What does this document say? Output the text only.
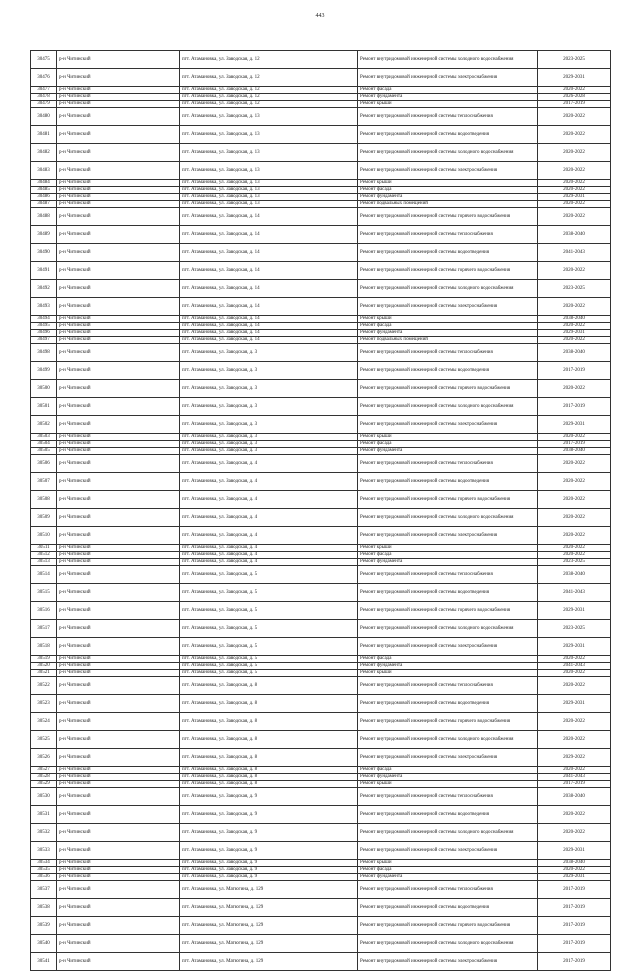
443
30475	р-н Читинский	пгт. Атамановка, ул. Заводская, д. 12	Ремонт внутридомовой инженерной системы холодного водоснабжения	2023-2025
30476	р-н Читинский	пгт. Атамановка, ул. Заводская, д. 12	Ремонт внутридомовой инженерной системы электроснабжения	2029-2031
30477	р-н Читинский	пгт. Атамановка, ул. Заводская, д. 12	Ремонт фасада	2020-2022
30478	р-н Читинский	пгт. Атамановка, ул. Заводская, д. 12	Ремонт фундамента	2026-2028
30479	р-н Читинский	пгт. Атамановка, ул. Заводская, д. 12	Ремонт крыши	2017-2019
30480	р-н Читинский	пгт. Атамановка, ул. Заводская, д. 13	Ремонт внутридомовой инженерной системы теплоснабжения	2020-2022
30481	р-н Читинский	пгт. Атамановка, ул. Заводская, д. 13	Ремонт внутридомовой инженерной системы водоотведения	2020-2022
30482	р-н Читинский	пгт. Атамановка, ул. Заводская, д. 13	Ремонт внутридомовой инженерной системы холодного водоснабжения	2020-2022
30483	р-н Читинский	пгт. Атамановка, ул. Заводская, д. 13	Ремонт внутридомовой инженерной системы электроснабжения	2020-2022
30484	р-н Читинский	пгт. Атамановка, ул. Заводская, д. 13	Ремонт крыши	2020-2022
30485	р-н Читинский	пгт. Атамановка, ул. Заводская, д. 13	Ремонт фасада	2020-2022
30486	р-н Читинский	пгт. Атамановка, ул. Заводская, д. 13	Ремонт фундамента	2029-2031
30487	р-н Читинский	пгт. Атамановка, ул. Заводская, д. 13	Ремонт подвальных помещений	2020-2022
30488	р-н Читинский	пгт. Атамановка, ул. Заводская, д. 14	Ремонт внутридомовой инженерной системы горячего водоснабжения	2020-2022
30489	р-н Читинский	пгт. Атамановка, ул. Заводская, д. 14	Ремонт внутридомовой инженерной системы теплоснабжения	2038-2040
30490	р-н Читинский	пгт. Атамановка, ул. Заводская, д. 14	Ремонт внутридомовой инженерной системы водоотведения	2041-2043
30491	р-н Читинский	пгт. Атамановка, ул. Заводская, д. 14	Ремонт внутридомовой инженерной системы горячего водоснабжения	2020-2022
30492	р-н Читинский	пгт. Атамановка, ул. Заводская, д. 14	Ремонт внутридомовой инженерной системы холодного водоснабжения	2023-2025
30493	р-н Читинский	пгт. Атамановка, ул. Заводская, д. 14	Ремонт внутридомовой инженерной системы электроснабжения	2020-2022
30494	р-н Читинский	пгт. Атамановка, ул. Заводская, д. 14	Ремонт крыши	2038-2040
30495	р-н Читинский	пгт. Атамановка, ул. Заводская, д. 14	Ремонт фасада	2020-2022
30496	р-н Читинский	пгт. Атамановка, ул. Заводская, д. 14	Ремонт фундамента	2029-2031
30497	р-н Читинский	пгт. Атамановка, ул. Заводская, д. 14	Ремонт подвальных помещений	2020-2022
30498	р-н Читинский	пгт. Атамановка, ул. Заводская, д. 3	Ремонт внутридомовой инженерной системы теплоснабжения	2038-2040
30499	р-н Читинский	пгт. Атамановка, ул. Заводская, д. 3	Ремонт внутридомовой инженерной системы водоотведения	2017-2019
30500	р-н Читинский	пгт. Атамановка, ул. Заводская, д. 3	Ремонт внутридомовой инженерной системы горячего водоснабжения	2020-2022
30501	р-н Читинский	пгт. Атамановка, ул. Заводская, д. 3	Ремонт внутридомовой инженерной системы холодного водоснабжения	2017-2019
30502	р-н Читинский	пгт. Атамановка, ул. Заводская, д. 3	Ремонт внутридомовой инженерной системы электроснабжения	2029-2031
30503	р-н Читинский	пгт. Атамановка, ул. Заводская, д. 3	Ремонт крыши	2020-2022
30504	р-н Читинский	пгт. Атамановка, ул. Заводская, д. 3	Ремонт фасада	2017-2019
30505	р-н Читинский	пгт. Атамановка, ул. Заводская, д. 3	Ремонт фундамента	2038-2040
30506	р-н Читинский	пгт. Атамановка, ул. Заводская, д. 4	Ремонт внутридомовой инженерной системы теплоснабжения	2020-2022
30507	р-н Читинский	пгт. Атамановка, ул. Заводская, д. 4	Ремонт внутридомовой инженерной системы водоотведения	2020-2022
30508	р-н Читинский	пгт. Атамановка, ул. Заводская, д. 4	Ремонт внутридомовой инженерной системы горячего водоснабжения	2020-2022
30509	р-н Читинский	пгт. Атамановка, ул. Заводская, д. 4	Ремонт внутридомовой инженерной системы холодного водоснабжения	2020-2022
30510	р-н Читинский	пгт. Атамановка, ул. Заводская, д. 4	Ремонт внутридомовой инженерной системы электроснабжения	2020-2022
30511	р-н Читинский	пгт. Атамановка, ул. Заводская, д. 4	Ремонт крыши	2020-2022
30512	р-н Читинский	пгт. Атамановка, ул. Заводская, д. 4	Ремонт фасада	2020-2022
30513	р-н Читинский	пгт. Атамановка, ул. Заводская, д. 4	Ремонт фундамента	2023-2025
30514	р-н Читинский	пгт. Атамановка, ул. Заводская, д. 5	Ремонт внутридомовой инженерной системы теплоснабжения	2038-2040
30515	р-н Читинский	пгт. Атамановка, ул. Заводская, д. 5	Ремонт внутридомовой инженерной системы водоотведения	2041-2043
30516	р-н Читинский	пгт. Атамановка, ул. Заводская, д. 5	Ремонт внутридомовой инженерной системы горячего водоснабжения	2029-2031
30517	р-н Читинский	пгт. Атамановка, ул. Заводская, д. 5	Ремонт внутридомовой инженерной системы холодного водоснабжения	2023-2025
30518	р-н Читинский	пгт. Атамановка, ул. Заводская, д. 5	Ремонт внутридомовой инженерной системы электроснабжения	2029-2031
30519	р-н Читинский	пгт. Атамановка, ул. Заводская, д. 5	Ремонт фасада	2020-2022
30520	р-н Читинский	пгт. Атамановка, ул. Заводская, д. 5	Ремонт фундамента	2041-2043
30521	р-н Читинский	пгт. Атамановка, ул. Заводская, д. 5	Ремонт крыши	2020-2022
30522	р-н Читинский	пгт. Атамановка, ул. Заводская, д. 8	Ремонт внутридомовой инженерной системы теплоснабжения	2020-2022
30523	р-н Читинский	пгт. Атамановка, ул. Заводская, д. 8	Ремонт внутридомовой инженерной системы водоотведения	2029-2031
30524	р-н Читинский	пгт. Атамановка, ул. Заводская, д. 8	Ремонт внутридомовой инженерной системы горячего водоснабжения	2020-2022
30525	р-н Читинский	пгт. Атамановка, ул. Заводская, д. 8	Ремонт внутридомовой инженерной системы холодного водоснабжения	2020-2022
30526	р-н Читинский	пгт. Атамановка, ул. Заводская, д. 8	Ремонт внутридомовой инженерной системы электроснабжения	2029-2022
30527	р-н Читинский	пгт. Атамановка, ул. Заводская, д. 8	Ремонт фасада	2020-2022
30528	р-н Читинский	пгт. Атамановка, ул. Заводская, д. 8	Ремонт фундамента	2041-2043
30529	р-н Читинский	пгт. Атамановка, ул. Заводская, д. 8	Ремонт крыши	2017-2019
30530	р-н Читинский	пгт. Атамановка, ул. Заводская, д. 9	Ремонт внутридомовой инженерной системы теплоснабжения	2038-2040
30531	р-н Читинский	пгт. Атамановка, ул. Заводская, д. 9	Ремонт внутридомовой инженерной системы водоотведения	2020-2022
30532	р-н Читинский	пгт. Атамановка, ул. Заводская, д. 9	Ремонт внутридомовой инженерной системы холодного водоснабжения	2020-2022
30533	р-н Читинский	пгт. Атамановка, ул. Заводская, д. 9	Ремонт внутридомовой инженерной системы электроснабжения	2029-2031
30534	р-н Читинский	пгт. Атамановка, ул. Заводская, д. 9	Ремонт крыши	2038-2040
30535	р-н Читинский	пгт. Атамановка, ул. Заводская, д. 9	Ремонт фасада	2020-2022
30536	р-н Читинский	пгт. Атамановка, ул. Заводская, д. 9	Ремонт фундамента	2029-2031
30537	р-н Читинский	пгт. Атамановка, ул. Матюгина, д. 129	Ремонт внутридомовой инженерной системы теплоснабжения	2017-2019
30538	р-н Читинский	пгт. Атамановка, ул. Матюгина, д. 129	Ремонт внутридомовой инженерной системы водоотведения	2017-2019
30539	р-н Читинский	пгт. Атамановка, ул. Матюгина, д. 129	Ремонт внутридомовой инженерной системы горячего водоснабжения	2017-2019
30540	р-н Читинский	пгт. Атамановка, ул. Матюгина, д. 129	Ремонт внутридомовой инженерной системы холодного водоснабжения	2017-2019
30541	р-н Читинский	пгт. Атамановка, ул. Матюгина, д. 129	Ремонт внутридомовой инженерной системы электроснабжения	2017-2019
